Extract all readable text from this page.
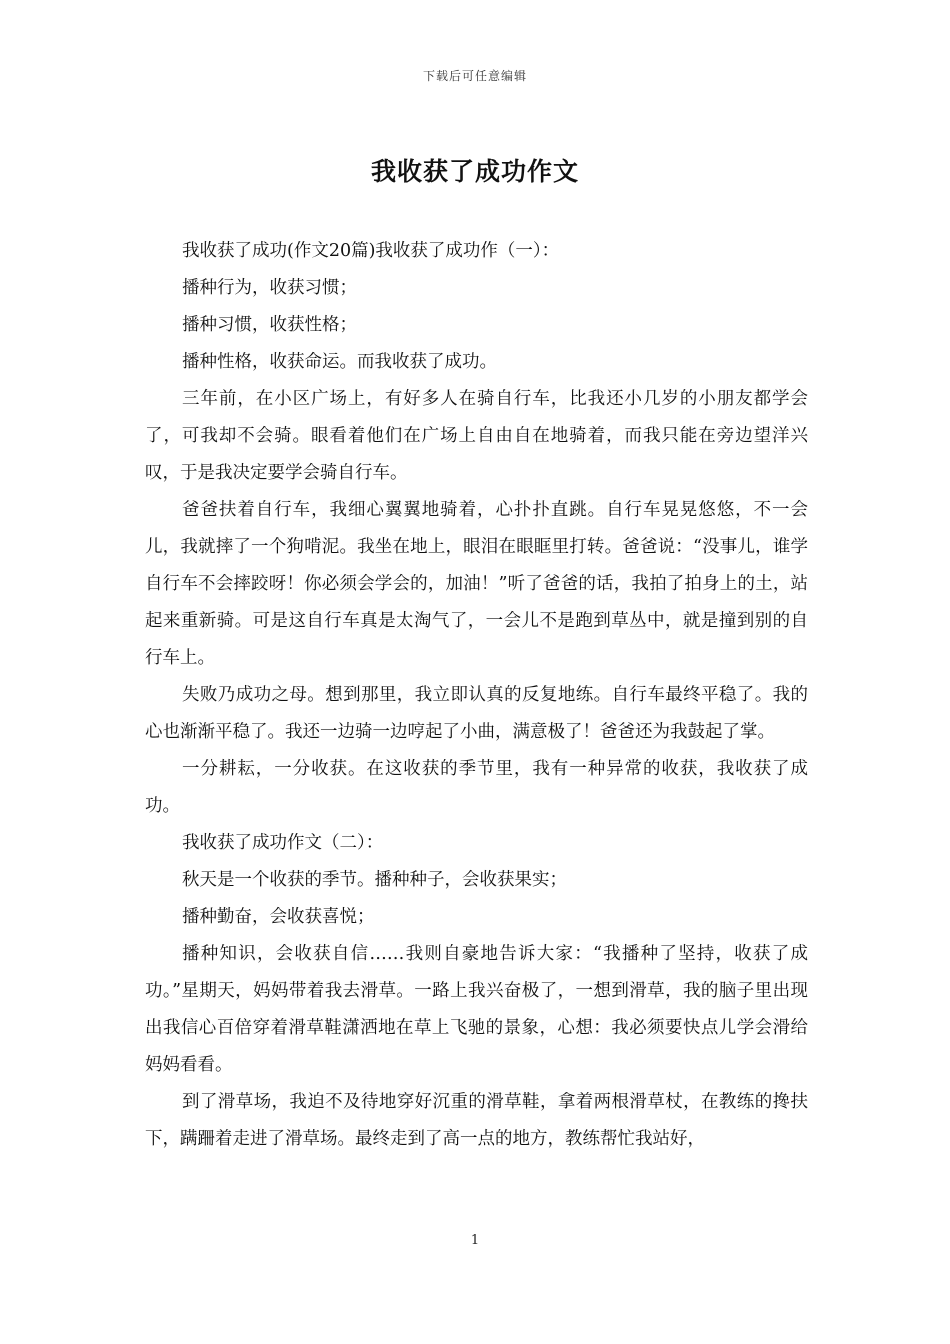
下载后可任意编辑
我收获了成功作文

我收获了成功(作文20篇)我收获了成功作（一）：

播种行为，收获习惯；

播种习惯，收获性格；

播种性格，收获命运。而我收获了成功。

三年前，在小区广场上，有好多人在骑自行车，比我还小几岁的小朋友都学会了，可我却不会骑。眼看着他们在广场上自由自在地骑着，而我只能在旁边望洋兴叹，于是我决定要学会骑自行车。

爸爸扶着自行车，我细心翼翼地骑着，心扑扑直跳。自行车晃晃悠悠，不一会儿，我就摔了一个狗啃泥。我坐在地上，眼泪在眼眶里打转。爸爸说：“没事儿，谁学自行车不会摔跤呀！你必须会学会的，加油！”听了爸爸的话，我拍了拍身上的土，站起来重新骑。可是这自行车真是太淘气了，一会儿不是跑到草丛中，就是撞到别的自行车上。

失败乃成功之母。想到那里，我立即认真的反复地练。自行车最终平稳了。我的心也渐渐平稳了。我还一边骑一边哼起了小曲，满意极了！爸爸还为我鼓起了掌。

一分耕耘，一分收获。在这收获的季节里，我有一种异常的收获，我收获了成功。

我收获了成功作文（二）：

秋天是一个收获的季节。播种种子，会收获果实；

播种勤奋，会收获喜悦；

播种知识，会收获自信……我则自豪地告诉大家：“我播种了坚持，收获了成功。”星期天，妈妈带着我去滑草。一路上我兴奋极了，一想到滑草，我的脑子里出现出我信心百倍穿着滑草鞋潇洒地在草上飞驰的景象，心想：我必须要快点儿学会滑给妈妈看看。

到了滑草场，我迫不及待地穿好沉重的滑草鞋，拿着两根滑草杖，在教练的搀扶下，蹒跚着走进了滑草场。最终走到了高一点的地方，教练帮忙我站好，

1
